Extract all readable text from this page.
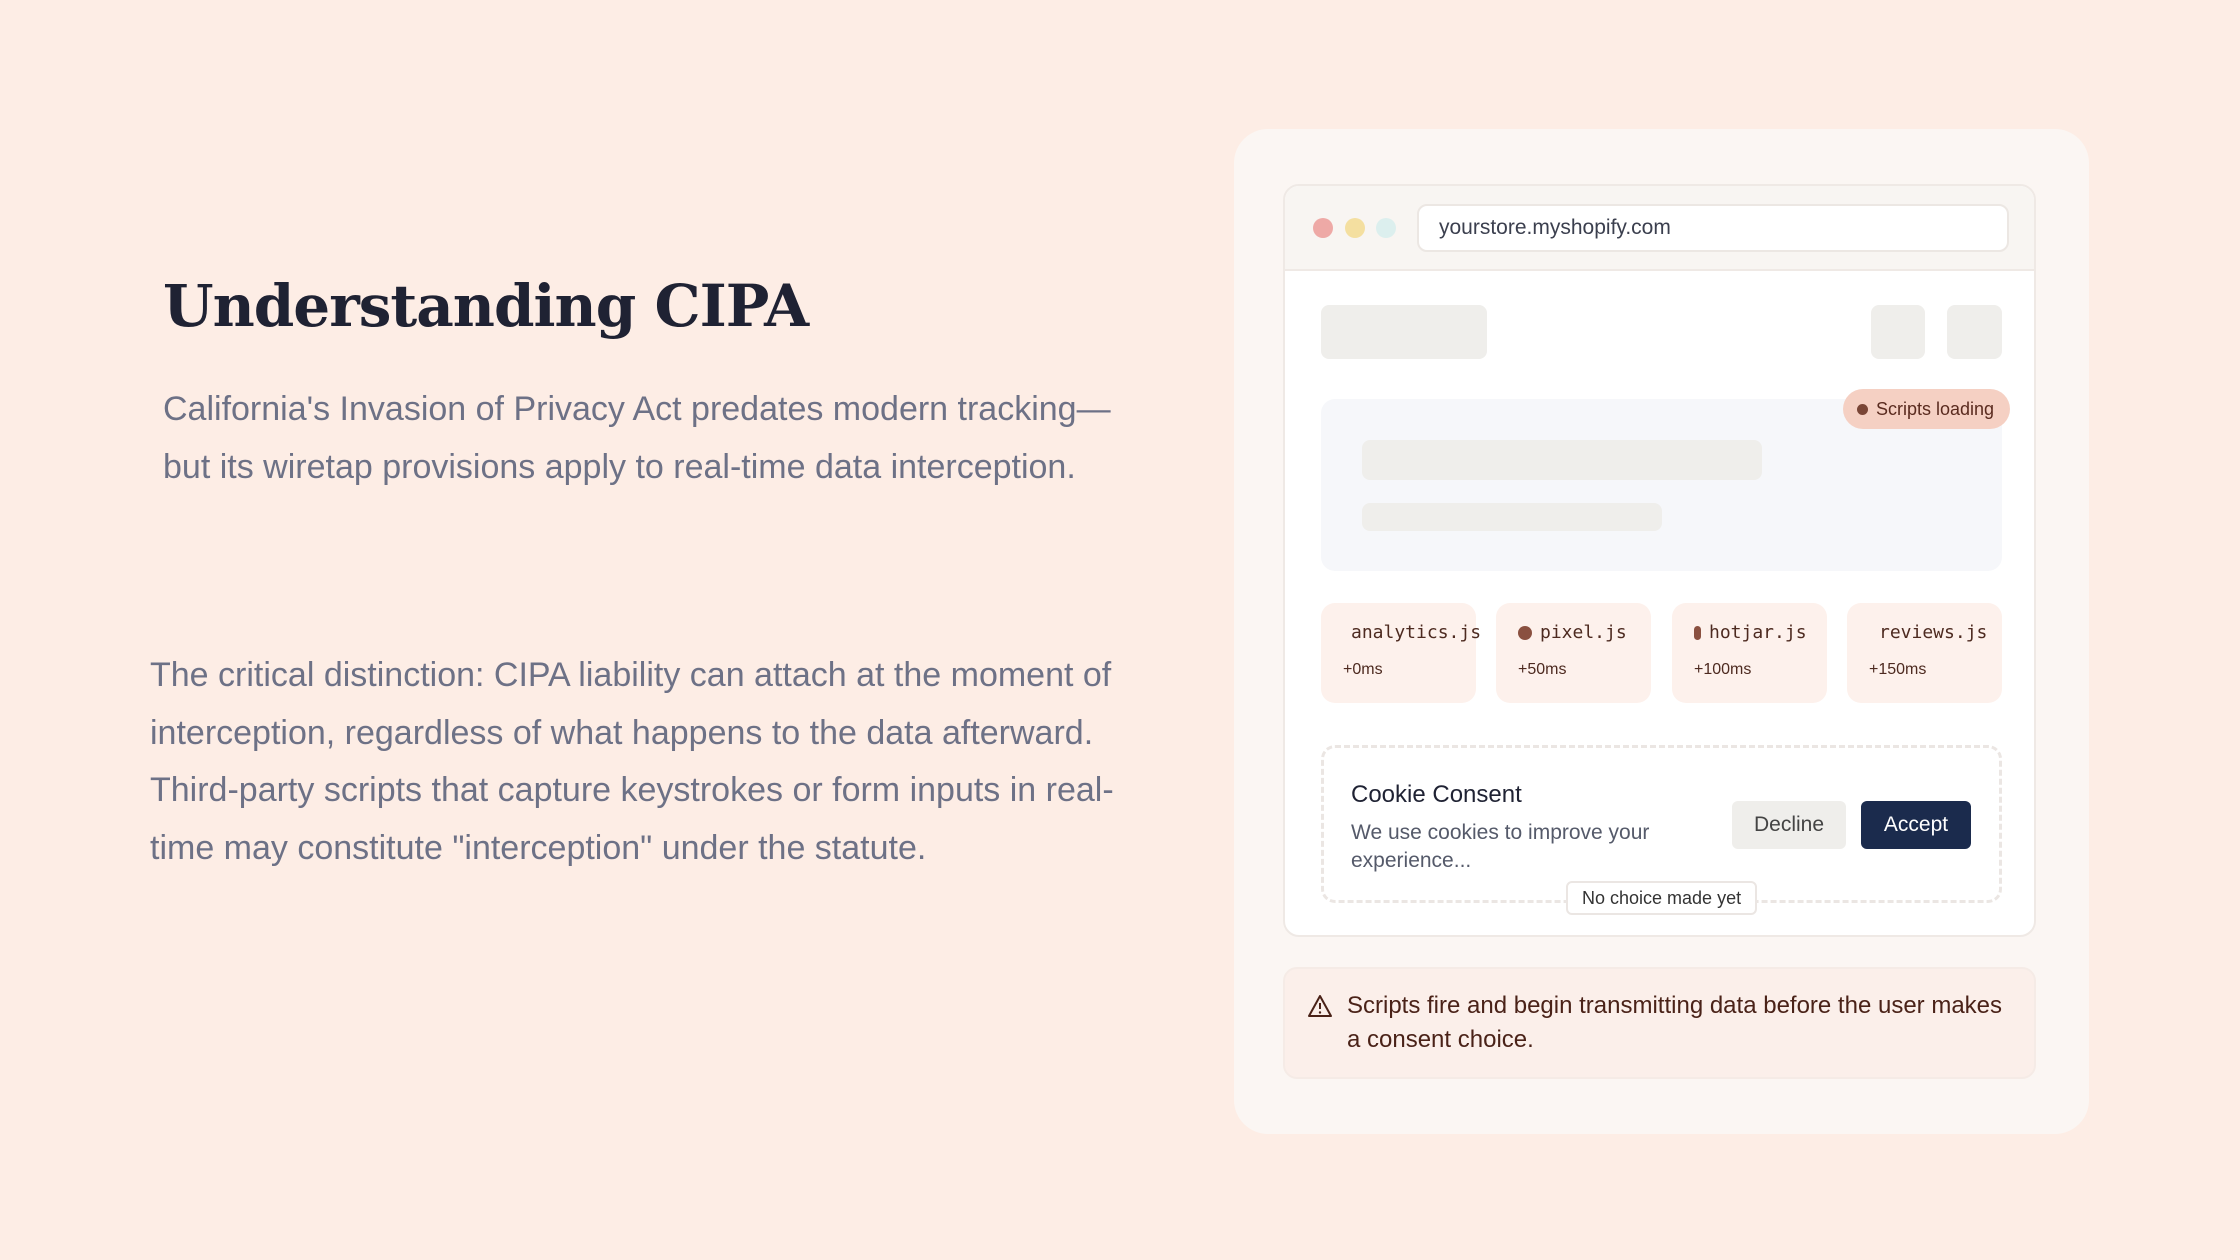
Understanding CIPA

California's Invasion of Privacy Act predates modern tracking—but its wiretap provisions apply to real-time data interception.

The critical distinction: CIPA liability can attach at the moment of interception, regardless of what happens to the data afterward. Third-party scripts that capture keystrokes or form inputs in real-time may constitute "interception" under the statute.

yourstore.myshopify.com
Scripts loading
analytics.js
+0ms
pixel.js
+50ms
hotjar.js
+100ms
reviews.js
+150ms
Cookie Consent
We use cookies to improve your experience...
Decline	Accept
No choice made yet
Scripts fire and begin transmitting data before the user makes a consent choice.
